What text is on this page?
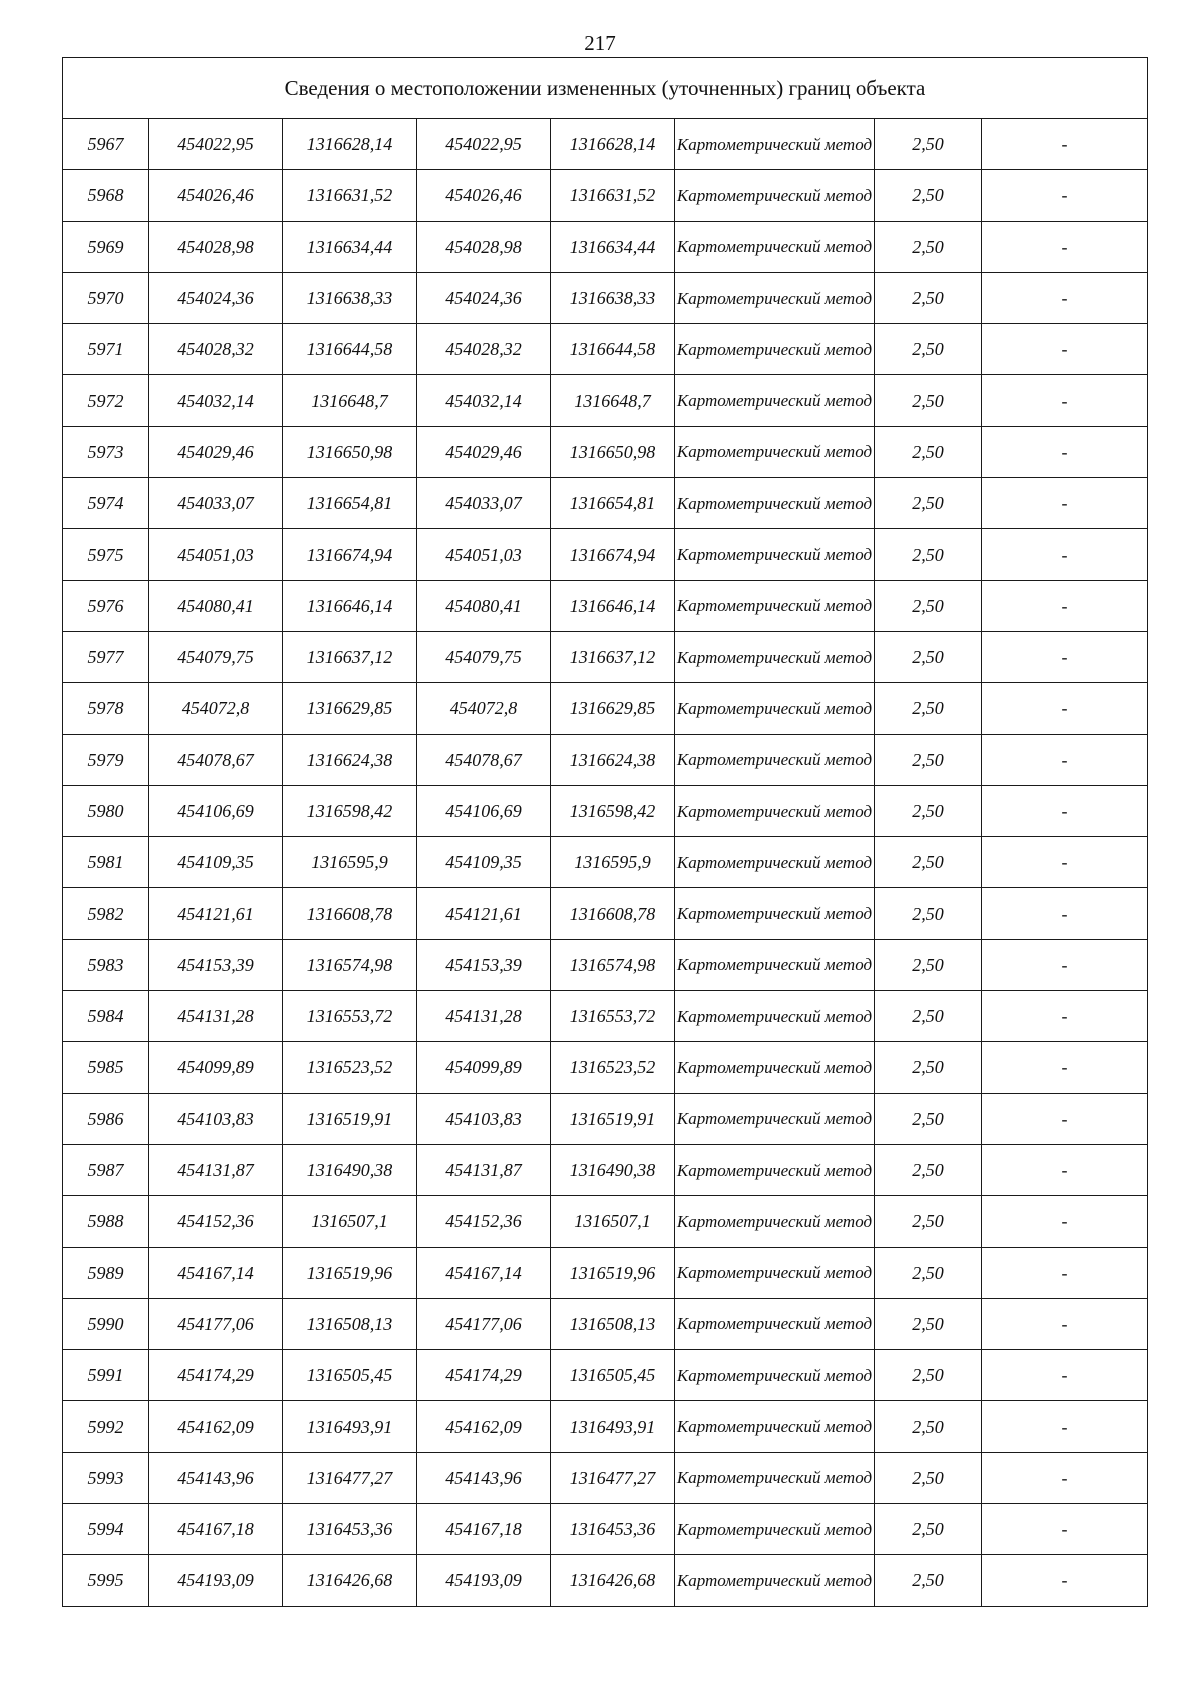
217
Сведения о местоположении измененных (уточненных) границ объекта							
5967	454022,95	1316628,14	454022,95	1316628,14	Картометрический метод	2,50	-
5968	454026,46	1316631,52	454026,46	1316631,52	Картометрический метод	2,50	-
5969	454028,98	1316634,44	454028,98	1316634,44	Картометрический метод	2,50	-
5970	454024,36	1316638,33	454024,36	1316638,33	Картометрический метод	2,50	-
5971	454028,32	1316644,58	454028,32	1316644,58	Картометрический метод	2,50	-
5972	454032,14	1316648,7	454032,14	1316648,7	Картометрический метод	2,50	-
5973	454029,46	1316650,98	454029,46	1316650,98	Картометрический метод	2,50	-
5974	454033,07	1316654,81	454033,07	1316654,81	Картометрический метод	2,50	-
5975	454051,03	1316674,94	454051,03	1316674,94	Картометрический метод	2,50	-
5976	454080,41	1316646,14	454080,41	1316646,14	Картометрический метод	2,50	-
5977	454079,75	1316637,12	454079,75	1316637,12	Картометрический метод	2,50	-
5978	454072,8	1316629,85	454072,8	1316629,85	Картометрический метод	2,50	-
5979	454078,67	1316624,38	454078,67	1316624,38	Картометрический метод	2,50	-
5980	454106,69	1316598,42	454106,69	1316598,42	Картометрический метод	2,50	-
5981	454109,35	1316595,9	454109,35	1316595,9	Картометрический метод	2,50	-
5982	454121,61	1316608,78	454121,61	1316608,78	Картометрический метод	2,50	-
5983	454153,39	1316574,98	454153,39	1316574,98	Картометрический метод	2,50	-
5984	454131,28	1316553,72	454131,28	1316553,72	Картометрический метод	2,50	-
5985	454099,89	1316523,52	454099,89	1316523,52	Картометрический метод	2,50	-
5986	454103,83	1316519,91	454103,83	1316519,91	Картометрический метод	2,50	-
5987	454131,87	1316490,38	454131,87	1316490,38	Картометрический метод	2,50	-
5988	454152,36	1316507,1	454152,36	1316507,1	Картометрический метод	2,50	-
5989	454167,14	1316519,96	454167,14	1316519,96	Картометрический метод	2,50	-
5990	454177,06	1316508,13	454177,06	1316508,13	Картометрический метод	2,50	-
5991	454174,29	1316505,45	454174,29	1316505,45	Картометрический метод	2,50	-
5992	454162,09	1316493,91	454162,09	1316493,91	Картометрический метод	2,50	-
5993	454143,96	1316477,27	454143,96	1316477,27	Картометрический метод	2,50	-
5994	454167,18	1316453,36	454167,18	1316453,36	Картометрический метод	2,50	-
5995	454193,09	1316426,68	454193,09	1316426,68	Картометрический метод	2,50	-
